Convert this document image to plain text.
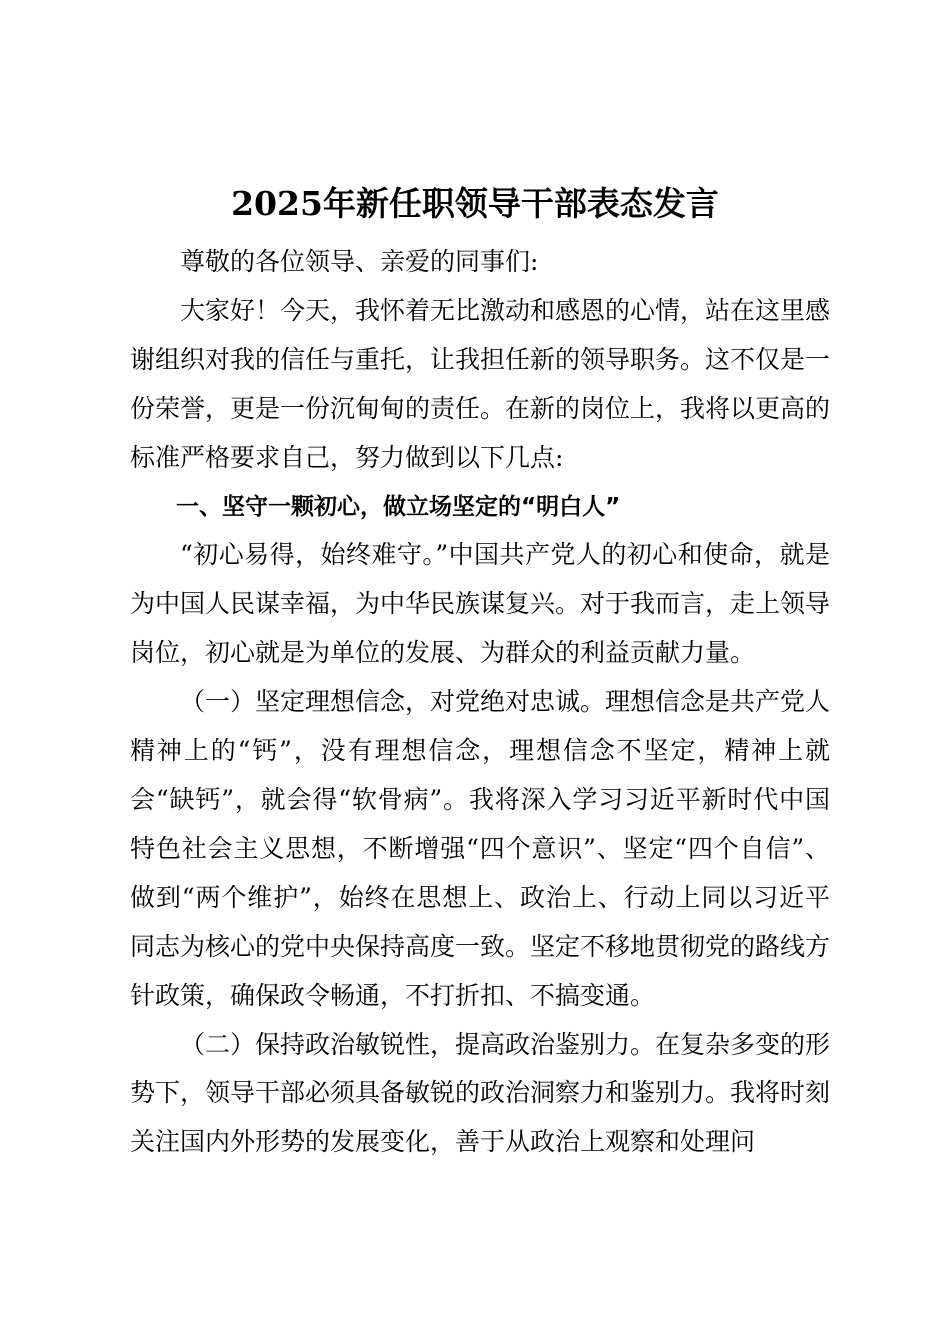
2025年新任职领导干部表态发言

尊敬的各位领导、亲爱的同事们:

大家好！今天，我怀着无比激动和感恩的心情，站在这里感谢组织对我的信任与重托，让我担任新的领导职务。这不仅是一份荣誉，更是一份沉甸甸的责任。在新的岗位上，我将以更高的标准严格要求自己，努力做到以下几点:

一、坚守一颗初心，做立场坚定的“明白人”

“初心易得，始终难守。”中国共产党人的初心和使命，就是为中国人民谋幸福，为中华民族谋复兴。对于我而言，走上领导岗位，初心就是为单位的发展、为群众的利益贡献力量。

（一）坚定理想信念，对党绝对忠诚。理想信念是共产党人精神上的“钙”，没有理想信念，理想信念不坚定，精神上就会“缺钙”，就会得“软骨病”。我将深入学习习近平新时代中国特色社会主义思想，不断增强“四个意识”、坚定“四个自信”、做到“两个维护”，始终在思想上、政治上、行动上同以习近平同志为核心的党中央保持高度一致。坚定不移地贯彻党的路线方针政策，确保政令畅通，不打折扣、不搞变通。

（二）保持政治敏锐性，提高政治鉴别力。在复杂多变的形势下，领导干部必须具备敏锐的政治洞察力和鉴别力。我将时刻关注国内外形势的发展变化，善于从政治上观察和处理问
